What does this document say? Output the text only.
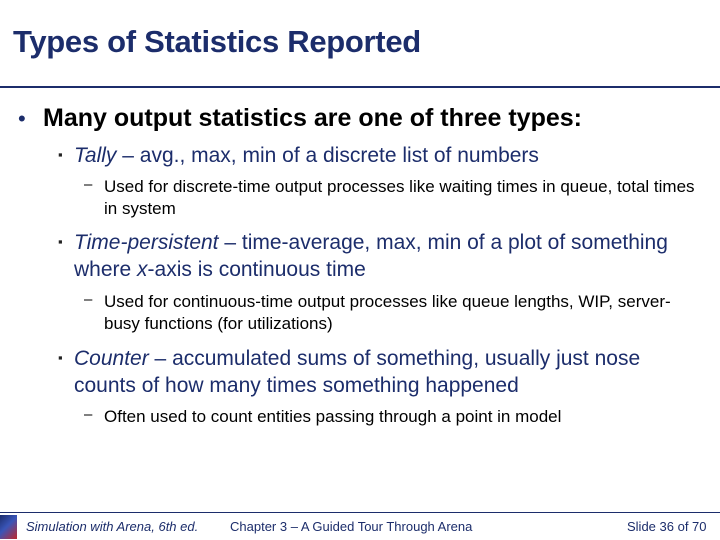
Types of Statistics Reported
• Many output statistics are one of three types:
▪ Tally – avg., max, min of a discrete list of numbers
– Used for discrete-time output processes like waiting times in queue, total times in system
▪ Time-persistent – time-average, max, min of a plot of something where x-axis is continuous time
– Used for continuous-time output processes like queue lengths, WIP, server-busy functions (for utilizations)
▪ Counter – accumulated sums of something, usually just nose counts of how many times something happened
– Often used to count entities passing through a point in model
Simulation with Arena, 6th ed. Chapter 3 – A Guided Tour Through Arena	Slide 36 of 70
